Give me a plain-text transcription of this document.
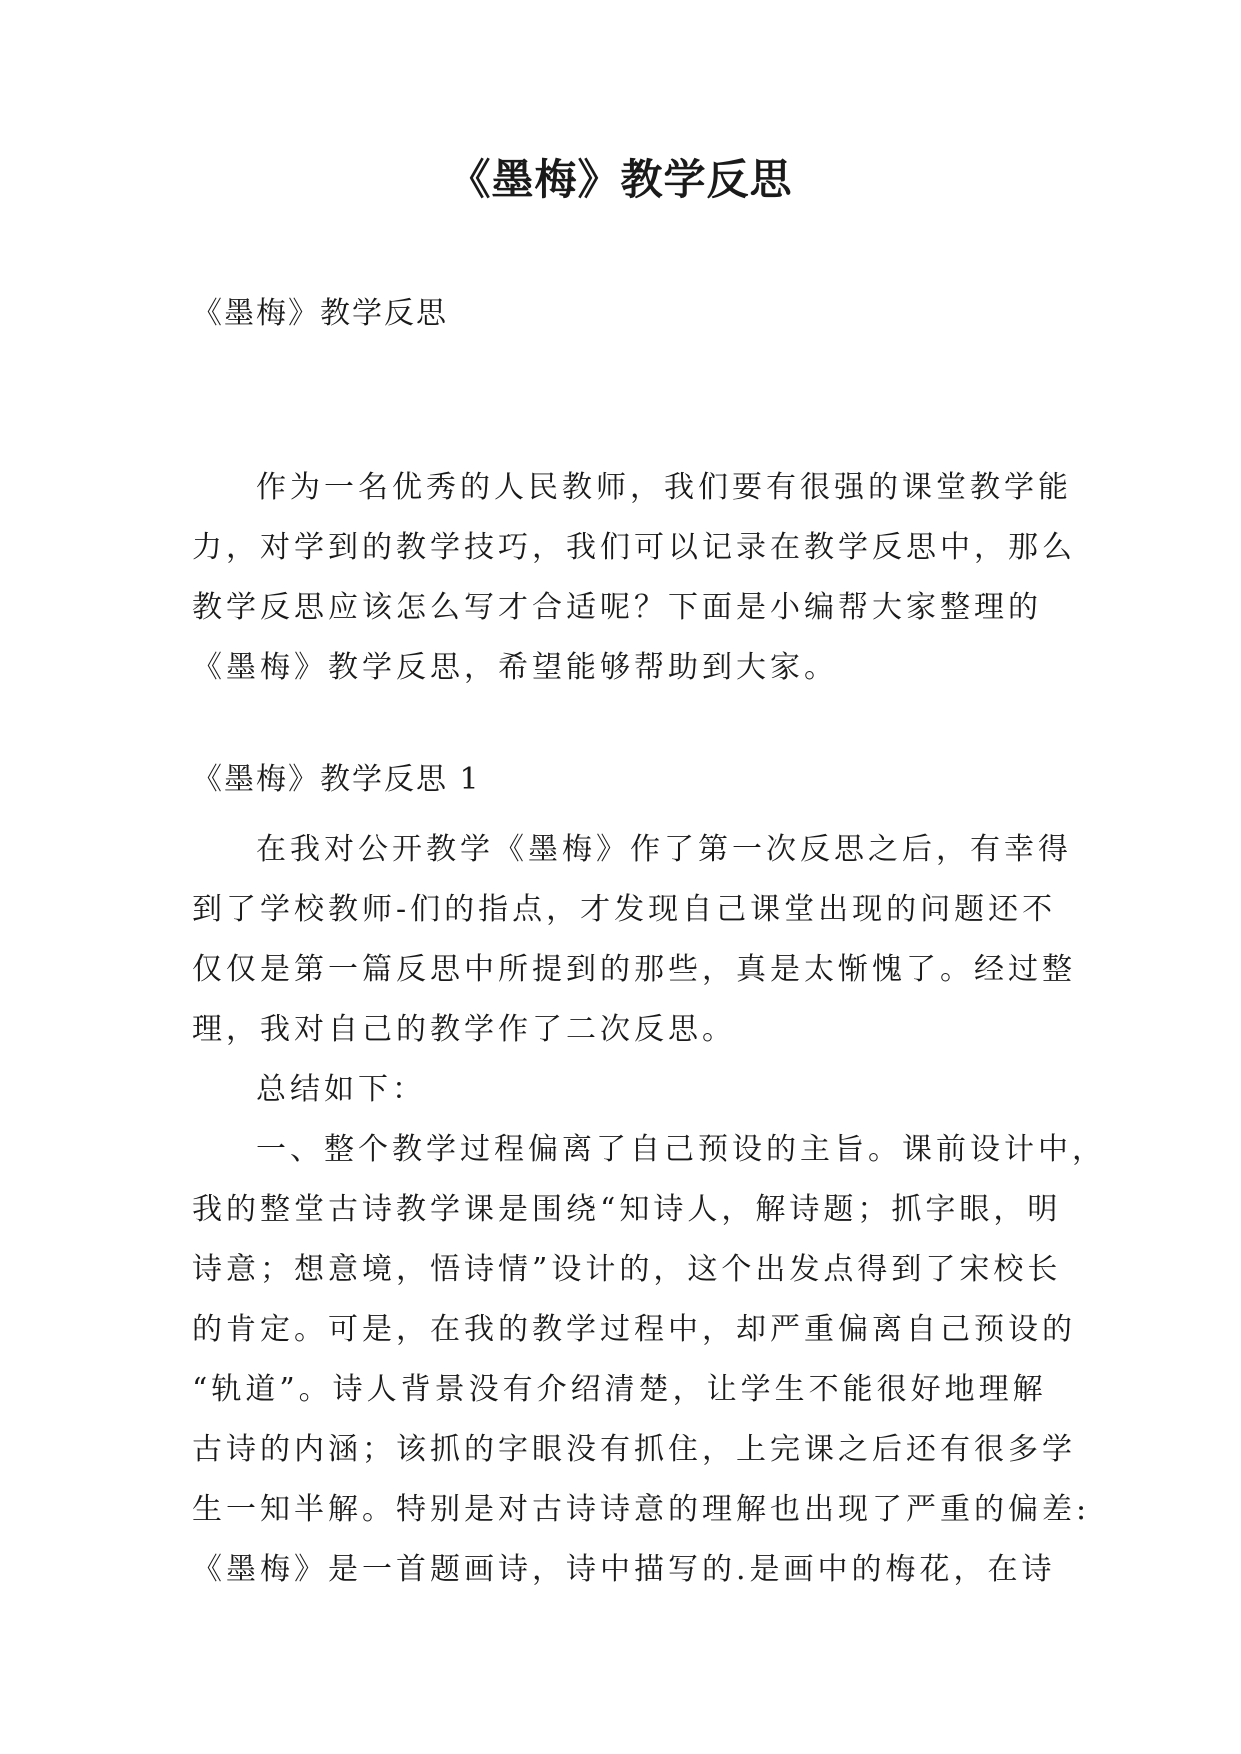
《墨梅》教学反思

《墨梅》教学反思

作为一名优秀的人民教师，我们要有很强的课堂教学能
力，对学到的教学技巧，我们可以记录在教学反思中，那么
教学反思应该怎么写才合适呢？下面是小编帮大家整理的
《墨梅》教学反思，希望能够帮助到大家。

《墨梅》教学反思 1

在我对公开教学《墨梅》作了第一次反思之后，有幸得
到了学校教师-们的指点，才发现自己课堂出现的问题还不
仅仅是第一篇反思中所提到的那些，真是太惭愧了。经过整
理，我对自己的教学作了二次反思。
总结如下：
一、整个教学过程偏离了自己预设的主旨。课前设计中，
我的整堂古诗教学课是围绕“知诗人，解诗题；抓字眼，明
诗意；想意境，悟诗情”设计的，这个出发点得到了宋校长
的肯定。可是，在我的教学过程中，却严重偏离自己预设的
“轨道”。诗人背景没有介绍清楚，让学生不能很好地理解
古诗的内涵；该抓的字眼没有抓住，上完课之后还有很多学
生一知半解。特别是对古诗诗意的理解也出现了严重的偏差:
《墨梅》是一首题画诗，诗中描写的.是画中的梅花，在诗
